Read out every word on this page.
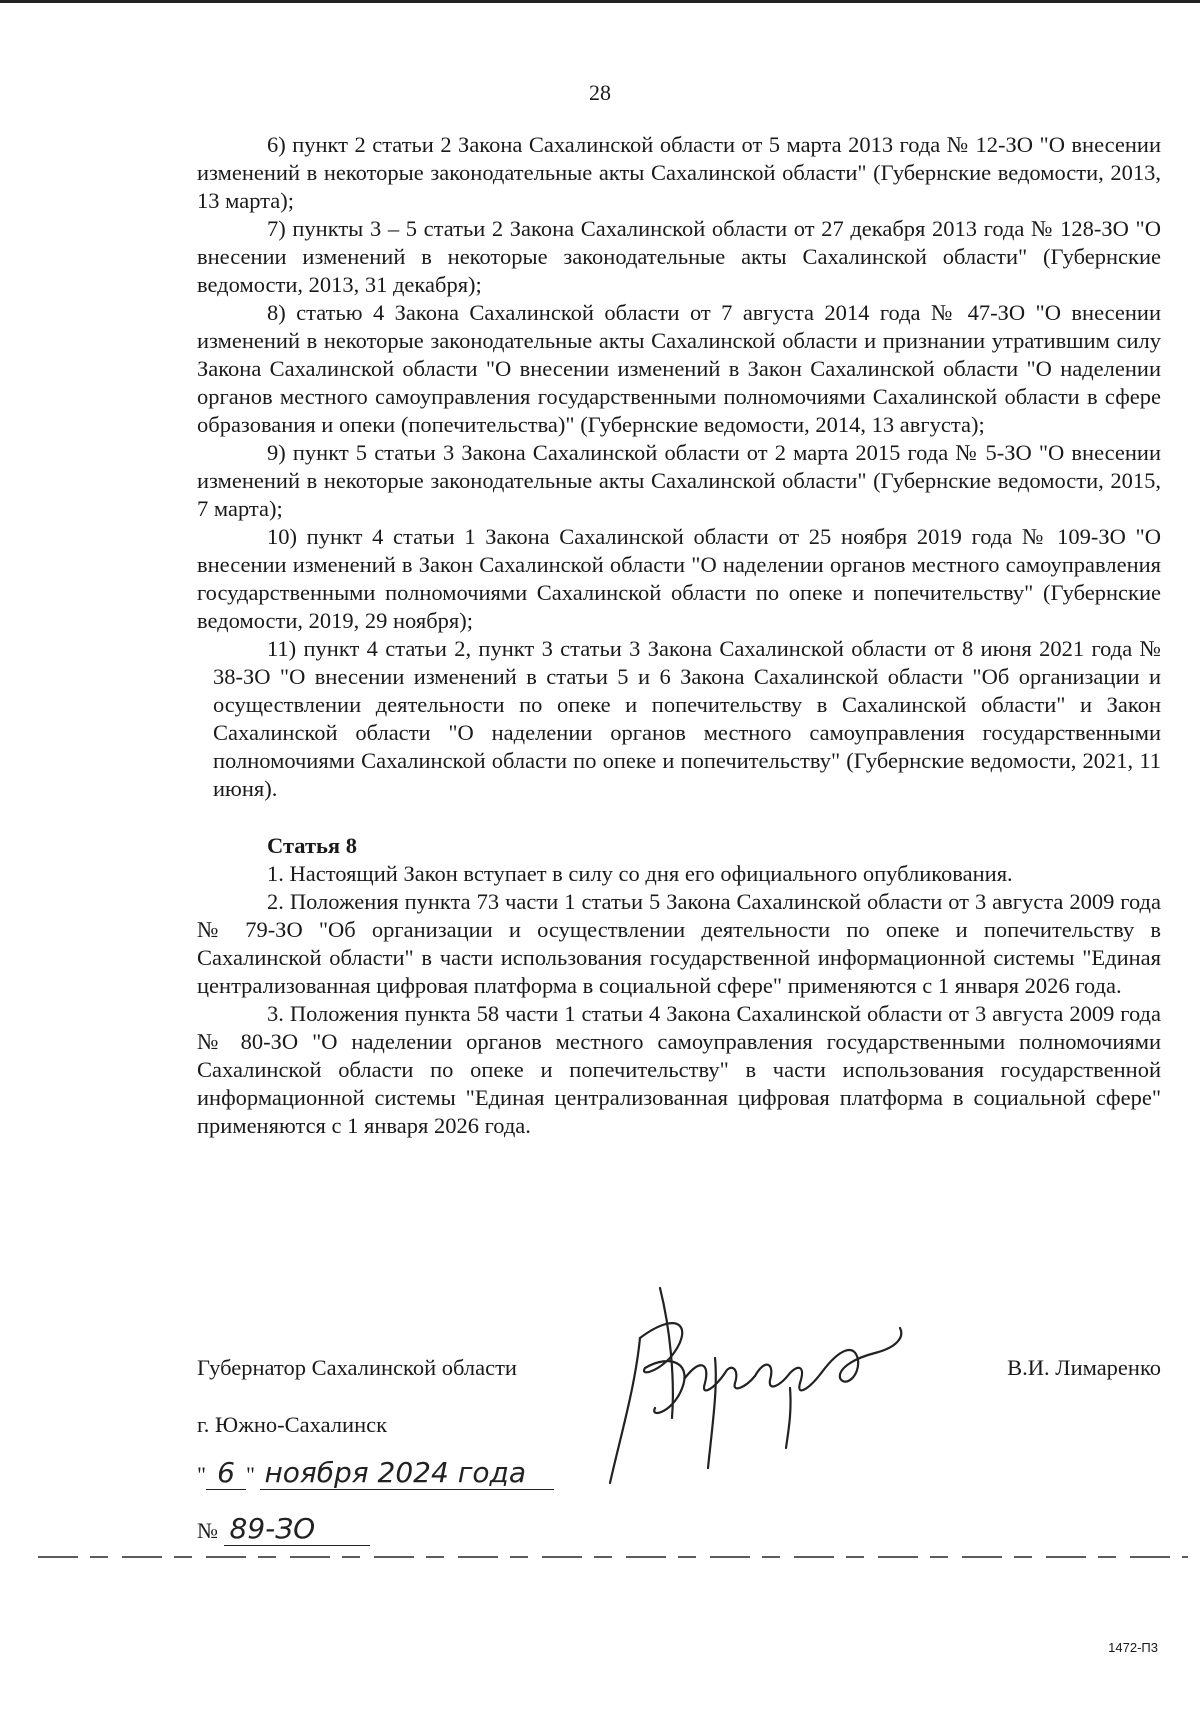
28

6) пункт 2 статьи 2 Закона Сахалинской области от 5 марта 2013 года № 12-ЗО "О внесении изменений в некоторые законодательные акты Сахалинской области" (Губернские ведомости, 2013, 13 марта);

7) пункты 3 – 5 статьи 2 Закона Сахалинской области от 27 декабря 2013 года № 128-ЗО "О внесении изменений в некоторые законодательные акты Сахалинской области" (Губернские ведомости, 2013, 31 декабря);

8) статью 4 Закона Сахалинской области от 7 августа 2014 года № 47-ЗО "О внесении изменений в некоторые законодательные акты Сахалинской области и признании утратившим силу Закона Сахалинской области "О внесении изменений в Закон Сахалинской области "О наделении органов местного самоуправления государственными полномочиями Сахалинской области в сфере образования и опеки (попечительства)" (Губернские ведомости, 2014, 13 августа);

9) пункт 5 статьи 3 Закона Сахалинской области от 2 марта 2015 года № 5-ЗО "О внесении изменений в некоторые законодательные акты Сахалинской области" (Губернские ведомости, 2015, 7 марта);

10) пункт 4 статьи 1 Закона Сахалинской области от 25 ноября 2019 года № 109-ЗО "О внесении изменений в Закон Сахалинской области "О наделении органов местного самоуправления государственными полномочиями Сахалинской области по опеке и попечительству" (Губернские ведомости, 2019, 29 ноября);

11) пункт 4 статьи 2, пункт 3 статьи 3 Закона Сахалинской области от 8 июня 2021 года № 38-ЗО "О внесении изменений в статьи 5 и 6 Закона Сахалинской области "Об организации и осуществлении деятельности по опеке и попечительству в Сахалинской области" и Закон Сахалинской области "О наделении органов местного самоуправления государственными полномочиями Сахалинской области по опеке и попечительству" (Губернские ведомости, 2021, 11 июня).

Статья 8

1. Настоящий Закон вступает в силу со дня его официального опубликования.

2. Положения пункта 73 части 1 статьи 5 Закона Сахалинской области от 3 августа 2009 года № 79-ЗО "Об организации и осуществлении деятельности по опеке и попечительству в Сахалинской области" в части использования государственной информационной системы "Единая централизованная цифровая платформа в социальной сфере" применяются с 1 января 2026 года.

3. Положения пункта 58 части 1 статьи 4 Закона Сахалинской области от 3 августа 2009 года № 80-ЗО "О наделении органов местного самоуправления государственными полномочиями Сахалинской области по опеке и попечительству" в части использования государственной информационной системы "Единая централизованная цифровая платформа в социальной сфере" применяются с 1 января 2026 года.

Губернатор Сахалинской области	В.И. Лимаренко
г. Южно-Сахалинск
" 6 " ноября 2024 года
№ 89-ЗО
1472-П3
